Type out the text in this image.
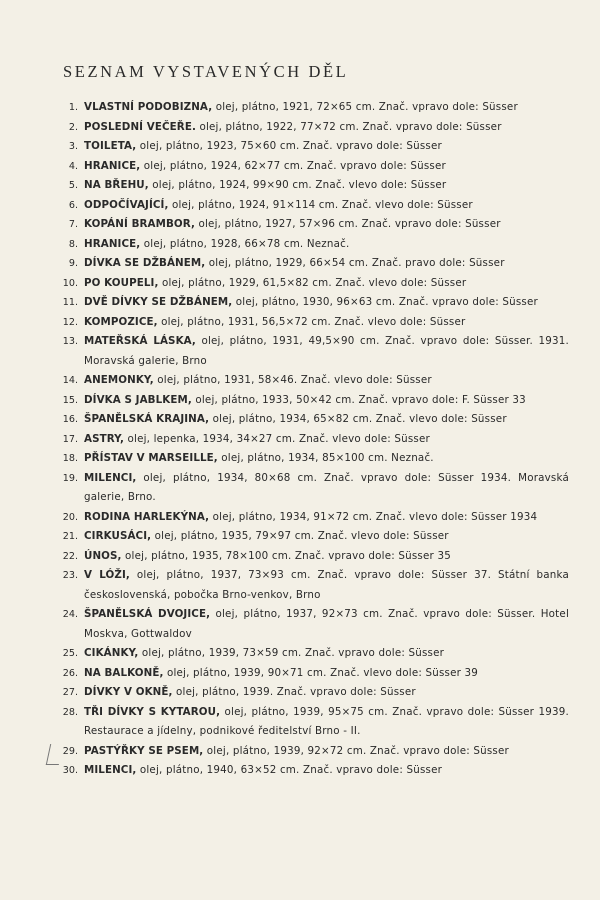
SEZNAM VYSTAVENÝCH DĚL
1. VLASTNÍ PODOBIZNA, olej, plátno, 1921, 72×65 cm. Znač. vpravo dole: Süsser
2. POSLEDNÍ VEČEŘE. olej, plátno, 1922, 77×72 cm. Znač. vpravo dole: Süsser
3. TOILETA, olej, plátno, 1923, 75×60 cm. Znač. vpravo dole: Süsser
4. HRANICE, olej, plátno, 1924, 62×77 cm. Znač. vpravo dole: Süsser
5. NA BŘEHU, olej, plátno, 1924, 99×90 cm. Znač. vlevo dole: Süsser
6. ODPOČÍVAJÍCÍ, olej, plátno, 1924, 91×114 cm. Znač. vlevo dole: Süsser
7. KOPÁNÍ BRAMBOR, olej, plátno, 1927, 57×96 cm. Znač. vpravo dole: Süsser
8. HRANICE, olej, plátno, 1928, 66×78 cm. Neznač.
9. DÍVKA SE DŽBÁNEM, olej, plátno, 1929, 66×54 cm. Znač. pravo dole: Süsser
10. PO KOUPELI, olej, plátno, 1929, 61,5×82 cm. Znač. vlevo dole: Süsser
11. DVĚ DÍVKY SE DŽBÁNEM, olej, plátno, 1930, 96×63 cm. Znač. vpravo dole: Süsser
12. KOMPOZICE, olej, plátno, 1931, 56,5×72 cm. Znač. vlevo dole: Süsser
13. MATEŘSKÁ LÁSKA, olej, plátno, 1931, 49,5×90 cm. Znač. vpravo dole: Süsser. 1931. Moravská galerie, Brno
14. ANEMONKY, olej, plátno, 1931, 58×46. Znač. vlevo dole: Süsser
15. DÍVKA S JABLKEM, olej, plátno, 1933, 50×42 cm. Znač. vpravo dole: F. Süsser 33
16. ŠPANĚLSKÁ KRAJINA, olej, plátno, 1934, 65×82 cm. Znač. vlevo dole: Süsser
17. ASTRY, olej, lepenka, 1934, 34×27 cm. Znač. vlevo dole: Süsser
18. PŘÍSTAV V MARSEILLE, olej, plátno, 1934, 85×100 cm. Neznač.
19. MILENCI, olej, plátno, 1934, 80×68 cm. Znač. vpravo dole: Süsser 1934. Moravská galerie, Brno.
20. RODINA HARLEKÝNA, olej, plátno, 1934, 91×72 cm. Znač. vlevo dole: Süsser 1934
21. CIRKUSÁCI, olej, plátno, 1935, 79×97 cm. Znač. vlevo dole: Süsser
22. ÚNOS, olej, plátno, 1935, 78×100 cm. Znač. vpravo dole: Süsser 35
23. V LÓŽI, olej, plátno, 1937, 73×93 cm. Znač. vpravo dole: Süsser 37. Státní banka československá, pobočka Brno-venkov, Brno
24. ŠPANĚLSKÁ DVOJICE, olej, plátno, 1937, 92×73 cm. Znač. vpravo dole: Süsser. Hotel Moskva, Gottwaldov
25. CIKÁNKY, olej, plátno, 1939, 73×59 cm. Znač. vpravo dole: Süsser
26. NA BALKONĚ, olej, plátno, 1939, 90×71 cm. Znač. vlevo dole: Süsser 39
27. DÍVKY V OKNĚ, olej, plátno, 1939. Znač. vpravo dole: Süsser
28. TŘI DÍVKY S KYTAROU, olej, plátno, 1939, 95×75 cm. Znač. vpravo dole: Süsser 1939. Restaurace a jídelny, podnikové ředitelství Brno - II.
29. PASTÝŘKY SE PSEM, olej, plátno, 1939, 92×72 cm. Znač. vpravo dole: Süsser
30. MILENCI, olej, plátno, 1940, 63×52 cm. Znač. vpravo dole: Süsser
